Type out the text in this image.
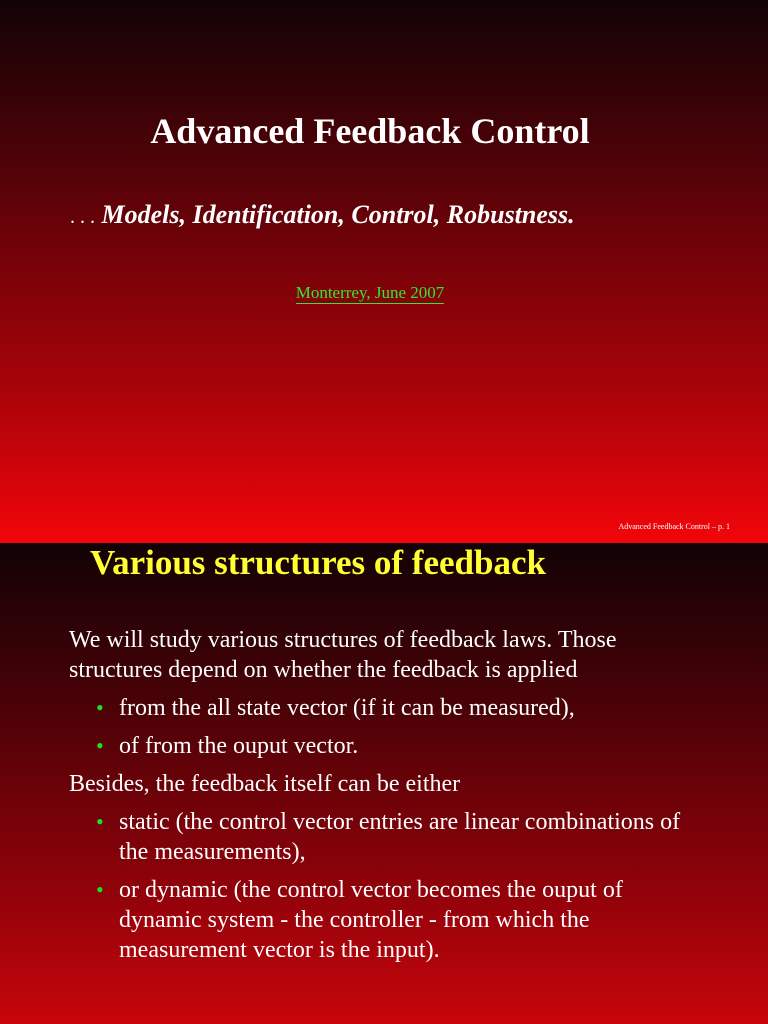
Advanced Feedback Control
. . . Models, Identification, Control, Robustness.
Monterrey, June 2007
Advanced Feedback Control – p. 1
Various structures of feedback

We will study various structures of feedback laws. Those structures depend on whether the feedback is applied

• from the all state vector (if it can be measured),
• of from the ouput vector.

Besides, the feedback itself can be either

• static (the control vector entries are linear combinations of the measurements),
• or dynamic (the control vector becomes the ouput of dynamic system - the controller - from which the measurement vector is the input).
